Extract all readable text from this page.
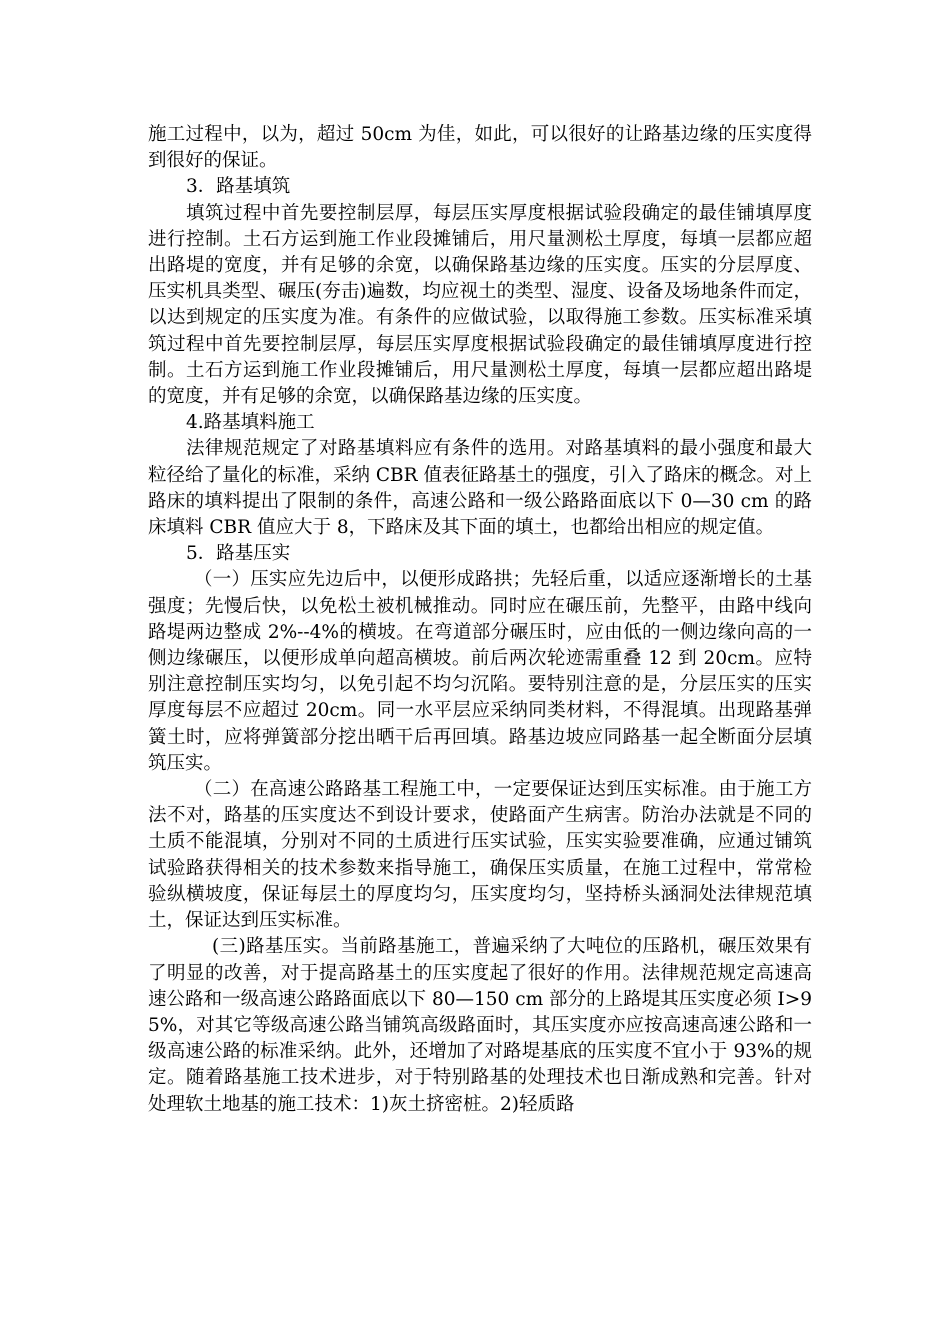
施工过程中，以为，超过 50cm 为佳，如此，可以很好的让路基边缘的压实度得到很好的保证。

3．路基填筑

填筑过程中首先要控制层厚，每层压实厚度根据试验段确定的最佳铺填厚度进行控制。土石方运到施工作业段摊铺后，用尺量测松土厚度，每填一层都应超出路堤的宽度，并有足够的余宽，以确保路基边缘的压实度。压实的分层厚度、压实机具类型、碾压(夯击)遍数，均应视土的类型、湿度、设备及场地条件而定，以达到规定的压实度为准。有条件的应做试验，以取得施工参数。压实标准采填筑过程中首先要控制层厚，每层压实厚度根据试验段确定的最佳铺填厚度进行控制。土石方运到施工作业段摊铺后，用尺量测松土厚度，每填一层都应超出路堤的宽度，并有足够的余宽，以确保路基边缘的压实度。

4.路基填料施工

法律规范规定了对路基填料应有条件的选用。对路基填料的最小强度和最大粒径给了量化的标准，采纳 CBR 值表征路基土的强度，引入了路床的概念。对上路床的填料提出了限制的条件，高速公路和一级公路路面底以下 0—30 cm 的路床填料 CBR 值应大于 8，下路床及其下面的填土，也都给出相应的规定值。

5．路基压实

（一）压实应先边后中，以便形成路拱；先轻后重，以适应逐渐增长的土基强度；先慢后快，以免松土被机械推动。同时应在碾压前，先整平，由路中线向路堤两边整成 2%--4%的横坡。在弯道部分碾压时，应由低的一侧边缘向高的一侧边缘碾压，以便形成单向超高横坡。前后两次轮迹需重叠 12 到 20cm。应特别注意控制压实均匀，以免引起不均匀沉陷。要特别注意的是，分层压实的压实厚度每层不应超过 20cm。同一水平层应采纳同类材料，不得混填。出现路基弹簧土时，应将弹簧部分挖出晒干后再回填。路基边坡应同路基一起全断面分层填筑压实。

（二）在高速公路路基工程施工中，一定要保证达到压实标准。由于施工方法不对，路基的压实度达不到设计要求，使路面产生病害。防治办法就是不同的土质不能混填，分别对不同的土质进行压实试验，压实实验要准确，应通过铺筑试验路获得相关的技术参数来指导施工，确保压实质量，在施工过程中，常常检验纵横坡度，保证每层土的厚度均匀，压实度均匀，坚持桥头涵洞处法律规范填土，保证达到压实标准。

(三)路基压实。当前路基施工，普遍采纳了大吨位的压路机，碾压效果有了明显的改善，对于提高路基土的压实度起了很好的作用。法律规范规定高速高速公路和一级高速公路路面底以下 80—150 cm 部分的上路堤其压实度必须 I>95%，对其它等级高速公路当铺筑高级路面时，其压实度亦应按高速高速公路和一级高速公路的标准采纳。此外，还增加了对路堤基底的压实度不宜小于 93%的规定。随着路基施工技术进步，对于特别路基的处理技术也日渐成熟和完善。针对处理软土地基的施工技术：1)灰土挤密桩。2)轻质路
